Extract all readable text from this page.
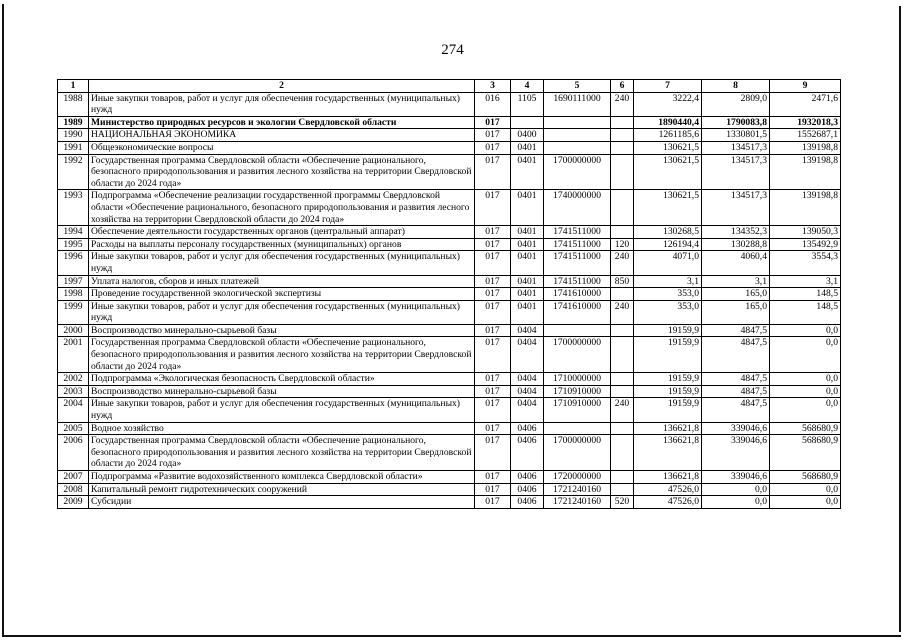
274
1	2	3	4	5	6	7	8	9
1988	Иные закупки товаров, работ и услуг для обеспечения государственных (муниципальных) нужд	016	1105	1690111000	240	3222,4	2809,0	2471,6
1989	Министерство природных ресурсов и экологии Свердловской области	017				1890440,4	1790083,8	1932018,3
1990	НАЦИОНАЛЬНАЯ ЭКОНОМИКА	017	0400			1261185,6	1330801,5	1552687,1
1991	Общеэкономические вопросы	017	0401			130621,5	134517,3	139198,8
1992	Государственная программа Свердловской области «Обеспечение рационального, безопасного природопользования и развития лесного хозяйства на территории Свердловской области до 2024 года»	017	0401	1700000000		130621,5	134517,3	139198,8
1993	Подпрограмма «Обеспечение реализации государственной программы Свердловской области «Обеспечение рационального, безопасного природопользования и развития лесного хозяйства на территории Свердловской области до 2024 года»	017	0401	1740000000		130621,5	134517,3	139198,8
1994	Обеспечение деятельности государственных органов (центральный аппарат)	017	0401	1741511000		130268,5	134352,3	139050,3
1995	Расходы на выплаты персоналу государственных (муниципальных) органов	017	0401	1741511000	120	126194,4	130288,8	135492,9
1996	Иные закупки товаров, работ и услуг для обеспечения государственных (муниципальных) нужд	017	0401	1741511000	240	4071,0	4060,4	3554,3
1997	Уплата налогов, сборов и иных платежей	017	0401	1741511000	850	3,1	3,1	3,1
1998	Проведение государственной экологической экспертизы	017	0401	1741610000		353,0	165,0	148,5
1999	Иные закупки товаров, работ и услуг для обеспечения государственных (муниципальных) нужд	017	0401	1741610000	240	353,0	165,0	148,5
2000	Воспроизводство минерально-сырьевой базы	017	0404			19159,9	4847,5	0,0
2001	Государственная программа Свердловской области «Обеспечение рационального, безопасного природопользования и развития лесного хозяйства на территории Свердловской области до 2024 года»	017	0404	1700000000		19159,9	4847,5	0,0
2002	Подпрограмма «Экологическая безопасность Свердловской области»	017	0404	1710000000		19159,9	4847,5	0,0
2003	Воспроизводство минерально-сырьевой базы	017	0404	1710910000		19159,9	4847,5	0,0
2004	Иные закупки товаров, работ и услуг для обеспечения государственных (муниципальных) нужд	017	0404	1710910000	240	19159,9	4847,5	0,0
2005	Водное хозяйство	017	0406			136621,8	339046,6	568680,9
2006	Государственная программа Свердловской области «Обеспечение рационального, безопасного природопользования и развития лесного хозяйства на территории Свердловской области до 2024 года»	017	0406	1700000000		136621,8	339046,6	568680,9
2007	Подпрограмма «Развитие водохозяйственного комплекса Свердловской области»	017	0406	1720000000		136621,8	339046,6	568680,9
2008	Капитальный ремонт гидротехнических сооружений	017	0406	1721240160		47526,0	0,0	0,0
2009	Субсидии	017	0406	1721240160	520	47526,0	0,0	0,0
